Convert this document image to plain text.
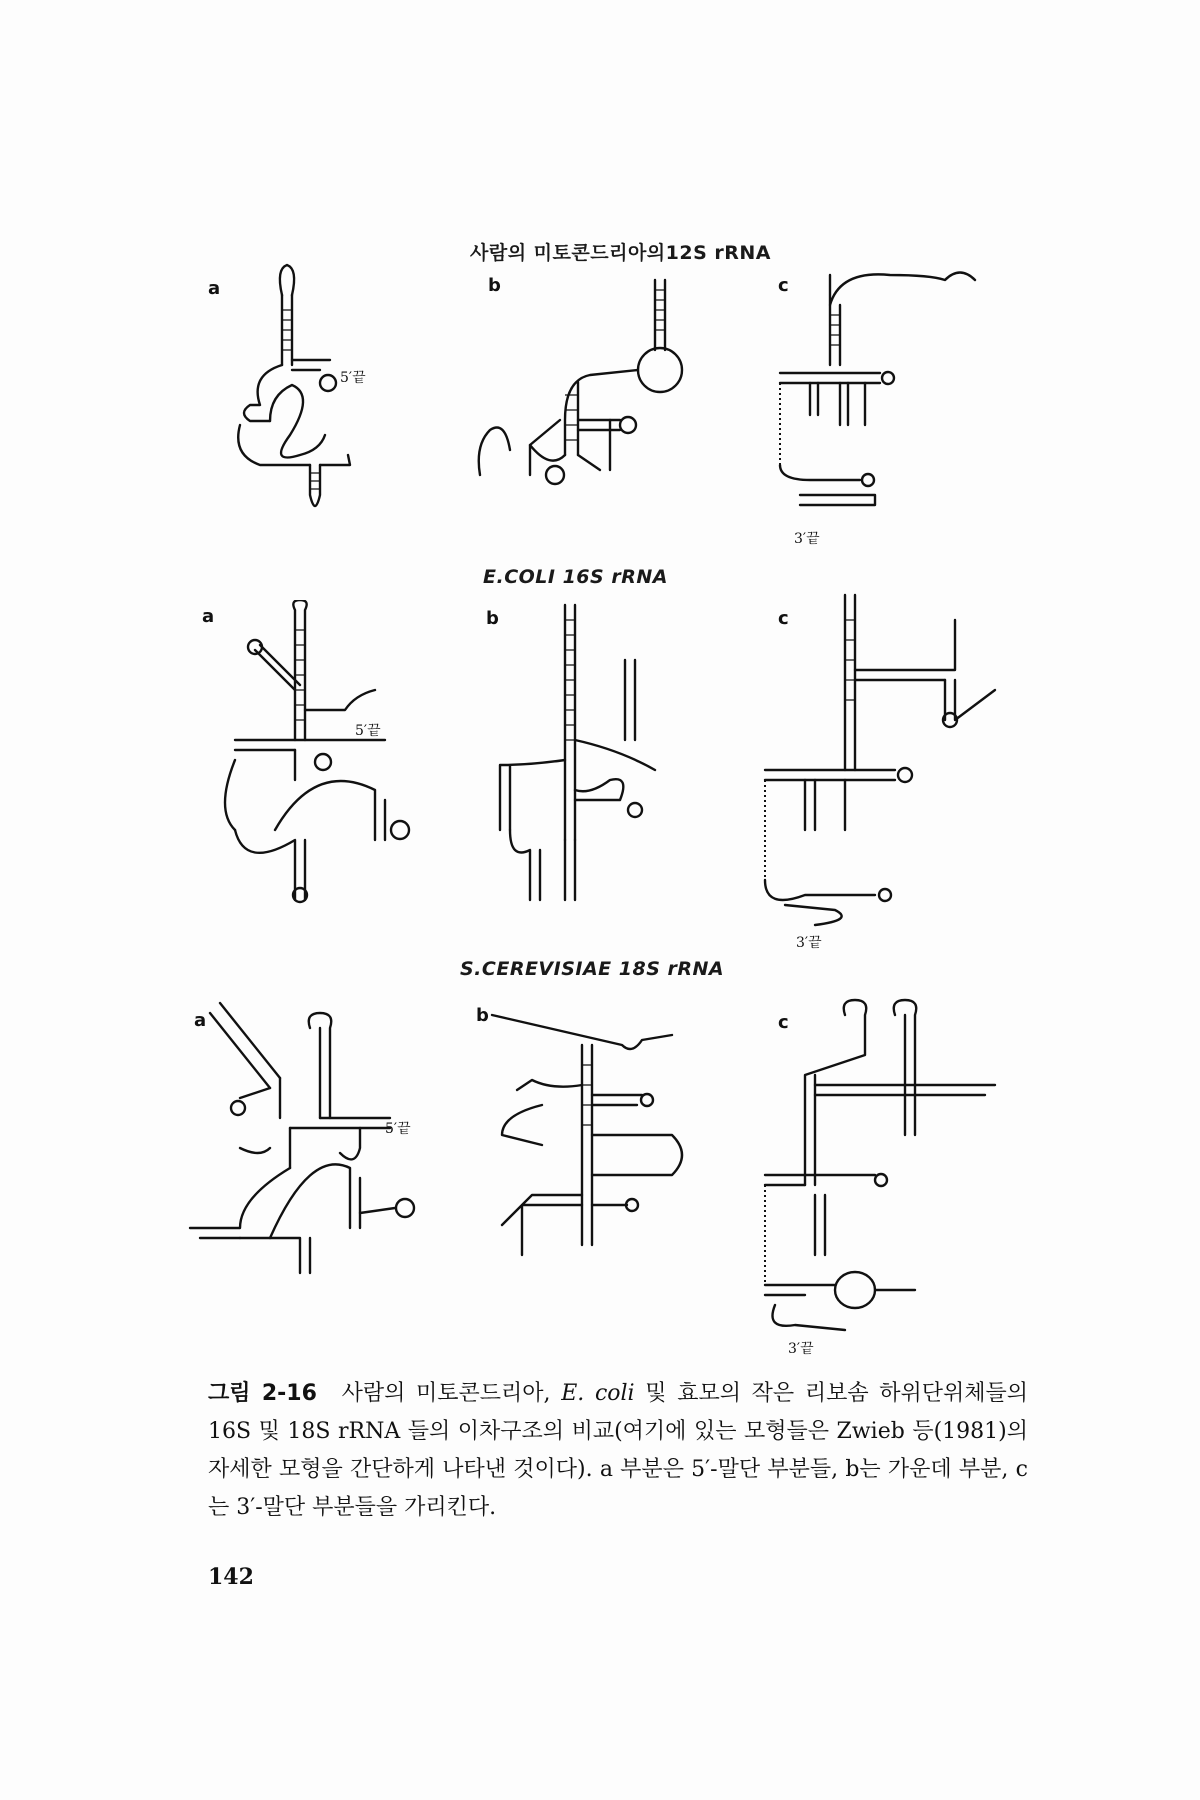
사람의 미토콘드리아의12S rRNA
E.COLI 16S rRNA
S.CEREVISIAE 18S rRNA
a	b	c
a	b	c
a	b	c
5′끝
3′끝
5′끝
3′끝
5′끝
3′끝
그림 2-16 사람의 미토콘드리아, E. coli 및 효모의 작은 리보솜 하위단위체들의 16S 및 18S rRNA 들의 이차구조의 비교(여기에 있는 모형들은 Zwieb 등(1981)의 자세한 모형을 간단하게 나타낸 것이다). a 부분은 5′-말단 부분들, b는 가운데 부분, c는 3′-말단 부분들을 가리킨다.
142
